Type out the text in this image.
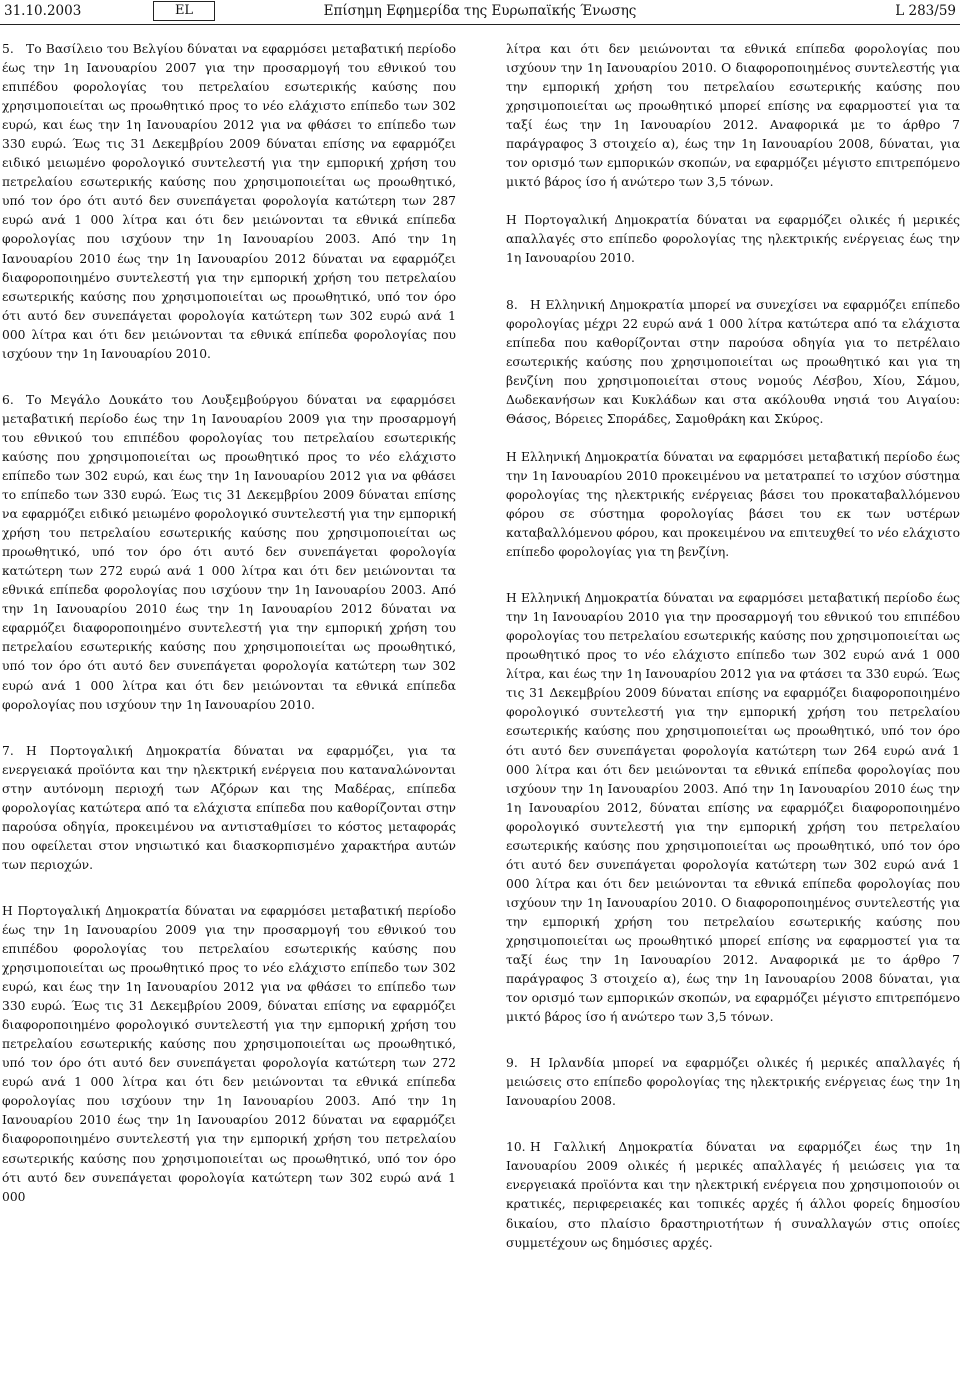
31.10.2003	EL	Επίσημη Εφημερίδα της Ευρωπαϊκής Ένωσης	L 283/59

5. Το Βασίλειο του Βελγίου δύναται να εφαρμόσει μεταβατική περίοδο έως την 1η Ιανουαρίου 2007 για την προσαρμογή του εθνικού του επιπέδου φορολογίας του πετρελαίου εσωτερικής καύσης που χρησιμοποιείται ως προωθητικό προς το νέο ελάχιστο επίπεδο των 302 ευρώ, και έως την 1η Ιανουαρίου 2012 για να φθάσει το επίπεδο των 330 ευρώ. Έως τις 31 Δεκεμβρίου 2009 δύναται επίσης να εφαρμόζει ειδικό μειωμένο φορολογικό συντελεστή για την εμπορική χρήση του πετρελαίου εσωτερικής καύσης που χρησιμοποιείται ως προωθητικό, υπό τον όρο ότι αυτό δεν συνεπάγεται φορολογία κατώτερη των 287 ευρώ ανά 1 000 λίτρα και ότι δεν μειώνονται τα εθνικά επίπεδα φορολογίας που ισχύουν την 1η Ιανουαρίου 2003. Από την 1η Ιανουαρίου 2010 έως την 1η Ιανουαρίου 2012 δύναται να εφαρμόζει διαφοροποιημένο συντελεστή για την εμπορική χρήση του πετρελαίου εσωτερικής καύσης που χρησιμοποιείται ως προωθητικό, υπό τον όρο ότι αυτό δεν συνεπάγεται φορολογία κατώτερη των 302 ευρώ ανά 1 000 λίτρα και ότι δεν μειώνονται τα εθνικά επίπεδα φορολογίας που ισχύουν την 1η Ιανουαρίου 2010.

6. Το Μεγάλο Δουκάτο του Λουξεμβούργου δύναται να εφαρμόσει μεταβατική περίοδο έως την 1η Ιανουαρίου 2009 για την προσαρμογή του εθνικού του επιπέδου φορολογίας του πετρελαίου εσωτερικής καύσης που χρησιμοποιείται ως προωθητικό προς το νέο ελάχιστο επίπεδο των 302 ευρώ, και έως την 1η Ιανουαρίου 2012 για να φθάσει το επίπεδο των 330 ευρώ. Έως τις 31 Δεκεμβρίου 2009 δύναται επίσης να εφαρμόζει ειδικό μειωμένο φορολογικό συντελεστή για την εμπορική χρήση του πετρελαίου εσωτερικής καύσης που χρησιμοποιείται ως προωθητικό, υπό τον όρο ότι αυτό δεν συνεπάγεται φορολογία κατώτερη των 272 ευρώ ανά 1 000 λίτρα και ότι δεν μειώνονται τα εθνικά επίπεδα φορολογίας που ισχύουν την 1η Ιανουαρίου 2003. Από την 1η Ιανουαρίου 2010 έως την 1η Ιανουαρίου 2012 δύναται να εφαρμόζει διαφοροποιημένο συντελεστή για την εμπορική χρήση του πετρελαίου εσωτερικής καύσης που χρησιμοποιείται ως προωθητικό, υπό τον όρο ότι αυτό δεν συνεπάγεται φορολογία κατώτερη των 302 ευρώ ανά 1 000 λίτρα και ότι δεν μειώνονται τα εθνικά επίπεδα φορολογίας που ισχύουν την 1η Ιανουαρίου 2010.

7. Η Πορτογαλική Δημοκρατία δύναται να εφαρμόζει, για τα ενεργειακά προϊόντα και την ηλεκτρική ενέργεια που καταναλώνονται στην αυτόνομη περιοχή των Αζόρων και της Μαδέρας, επίπεδα φορολογίας κατώτερα από τα ελάχιστα επίπεδα που καθορίζονται στην παρούσα οδηγία, προκειμένου να αντισταθμίσει το κόστος μεταφοράς που οφείλεται στον νησιωτικό και διασκορπισμένο χαρακτήρα αυτών των περιοχών.

Η Πορτογαλική Δημοκρατία δύναται να εφαρμόσει μεταβατική περίοδο έως την 1η Ιανουαρίου 2009 για την προσαρμογή του εθνικού του επιπέδου φορολογίας του πετρελαίου εσωτερικής καύσης που χρησιμοποιείται ως προωθητικό προς το νέο ελάχιστο επίπεδο των 302 ευρώ, και έως την 1η Ιανουαρίου 2012 για να φθάσει το επίπεδο των 330 ευρώ. Έως τις 31 Δεκεμβρίου 2009, δύναται επίσης να εφαρμόζει διαφοροποιημένο φορολογικό συντελεστή για την εμπορική χρήση του πετρελαίου εσωτερικής καύσης που χρησιμοποιείται ως προωθητικό, υπό τον όρο ότι αυτό δεν συνεπάγεται φορολογία κατώτερη των 272 ευρώ ανά 1 000 λίτρα και ότι δεν μειώνονται τα εθνικά επίπεδα φορολογίας που ισχύουν την 1η Ιανουαρίου 2003. Από την 1η Ιανουαρίου 2010 έως την 1η Ιανουαρίου 2012 δύναται να εφαρμόζει διαφοροποιημένο συντελεστή για την εμπορική χρήση του πετρελαίου εσωτερικής καύσης που χρησιμοποιείται ως προωθητικό, υπό τον όρο ότι αυτό δεν συνεπάγεται φορολογία κατώτερη των 302 ευρώ ανά 1 000

λίτρα και ότι δεν μειώνονται τα εθνικά επίπεδα φορολογίας που ισχύουν την 1η Ιανουαρίου 2010. Ο διαφοροποιημένος συντελεστής για την εμπορική χρήση του πετρελαίου εσωτερικής καύσης που χρησιμοποιείται ως προωθητικό μπορεί επίσης να εφαρμοστεί για τα ταξί έως την 1η Ιανουαρίου 2012. Αναφορικά με το άρθρο 7 παράγραφος 3 στοιχείο α), έως την 1η Ιανουαρίου 2008, δύναται, για τον ορισμό των εμπορικών σκοπών, να εφαρμόζει μέγιστο επιτρεπόμενο μικτό βάρος ίσο ή ανώτερο των 3,5 τόνων.

Η Πορτογαλική Δημοκρατία δύναται να εφαρμόζει ολικές ή μερικές απαλλαγές στο επίπεδο φορολογίας της ηλεκτρικής ενέργειας έως την 1η Ιανουαρίου 2010.

8. Η Ελληνική Δημοκρατία μπορεί να συνεχίσει να εφαρμόζει επίπεδο φορολογίας μέχρι 22 ευρώ ανά 1 000 λίτρα κατώτερα από τα ελάχιστα επίπεδα που καθορίζονται στην παρούσα οδηγία για το πετρέλαιο εσωτερικής καύσης που χρησιμοποιείται ως προωθητικό και για τη βενζίνη που χρησιμοποιείται στους νομούς Λέσβου, Χίου, Σάμου, Δωδεκανήσων και Κυκλάδων και στα ακόλουθα νησιά του Αιγαίου: Θάσος, Βόρειες Σποράδες, Σαμοθράκη και Σκύρος.

Η Ελληνική Δημοκρατία δύναται να εφαρμόσει μεταβατική περίοδο έως την 1η Ιανουαρίου 2010 προκειμένου να μετατραπεί το ισχύον σύστημα φορολογίας της ηλεκτρικής ενέργειας βάσει του προκαταβαλλόμενου φόρου σε σύστημα φορολογίας βάσει του εκ των υστέρων καταβαλλόμενου φόρου, και προκειμένου να επιτευχθεί το νέο ελάχιστο επίπεδο φορολογίας για τη βενζίνη.

Η Ελληνική Δημοκρατία δύναται να εφαρμόσει μεταβατική περίοδο έως την 1η Ιανουαρίου 2010 για την προσαρμογή του εθνικού του επιπέδου φορολογίας του πετρελαίου εσωτερικής καύσης που χρησιμοποιείται ως προωθητικό προς το νέο ελάχιστο επίπεδο των 302 ευρώ ανά 1 000 λίτρα, και έως την 1η Ιανουαρίου 2012 για να φτάσει τα 330 ευρώ. Έως τις 31 Δεκεμβρίου 2009 δύναται επίσης να εφαρμόζει διαφοροποιημένο φορολογικό συντελεστή για την εμπορική χρήση του πετρελαίου εσωτερικής καύσης που χρησιμοποιείται ως προωθητικό, υπό τον όρο ότι αυτό δεν συνεπάγεται φορολογία κατώτερη των 264 ευρώ ανά 1 000 λίτρα και ότι δεν μειώνονται τα εθνικά επίπεδα φορολογίας που ισχύουν την 1η Ιανουαρίου 2003. Από την 1η Ιανουαρίου 2010 έως την 1η Ιανουαρίου 2012, δύναται επίσης να εφαρμόζει διαφοροποιημένο φορολογικό συντελεστή για την εμπορική χρήση του πετρελαίου εσωτερικής καύσης που χρησιμοποιείται ως προωθητικό, υπό τον όρο ότι αυτό δεν συνεπάγεται φορολογία κατώτερη των 302 ευρώ ανά 1 000 λίτρα και ότι δεν μειώνονται τα εθνικά επίπεδα φορολογίας που ισχύουν την 1η Ιανουαρίου 2010. Ο διαφοροποιημένος συντελεστής για την εμπορική χρήση του πετρελαίου εσωτερικής καύσης που χρησιμοποιείται ως προωθητικό μπορεί επίσης να εφαρμοστεί για τα ταξί έως την 1η Ιανουαρίου 2012. Αναφορικά με το άρθρο 7 παράγραφος 3 στοιχείο α), έως την 1η Ιανουαρίου 2008 δύναται, για τον ορισμό των εμπορικών σκοπών, να εφαρμόζει μέγιστο επιτρεπόμενο μικτό βάρος ίσο ή ανώτερο των 3,5 τόνων.

9. Η Ιρλανδία μπορεί να εφαρμόζει ολικές ή μερικές απαλλαγές ή μειώσεις στο επίπεδο φορολογίας της ηλεκτρικής ενέργειας έως την 1η Ιανουαρίου 2008.

10. Η Γαλλική Δημοκρατία δύναται να εφαρμόζει έως την 1η Ιανουαρίου 2009 ολικές ή μερικές απαλλαγές ή μειώσεις για τα ενεργειακά προϊόντα και την ηλεκτρική ενέργεια που χρησιμοποιούν οι κρατικές, περιφερειακές και τοπικές αρχές ή άλλοι φορείς δημοσίου δικαίου, στο πλαίσιο δραστηριοτήτων ή συναλλαγών στις οποίες συμμετέχουν ως δημόσιες αρχές.
